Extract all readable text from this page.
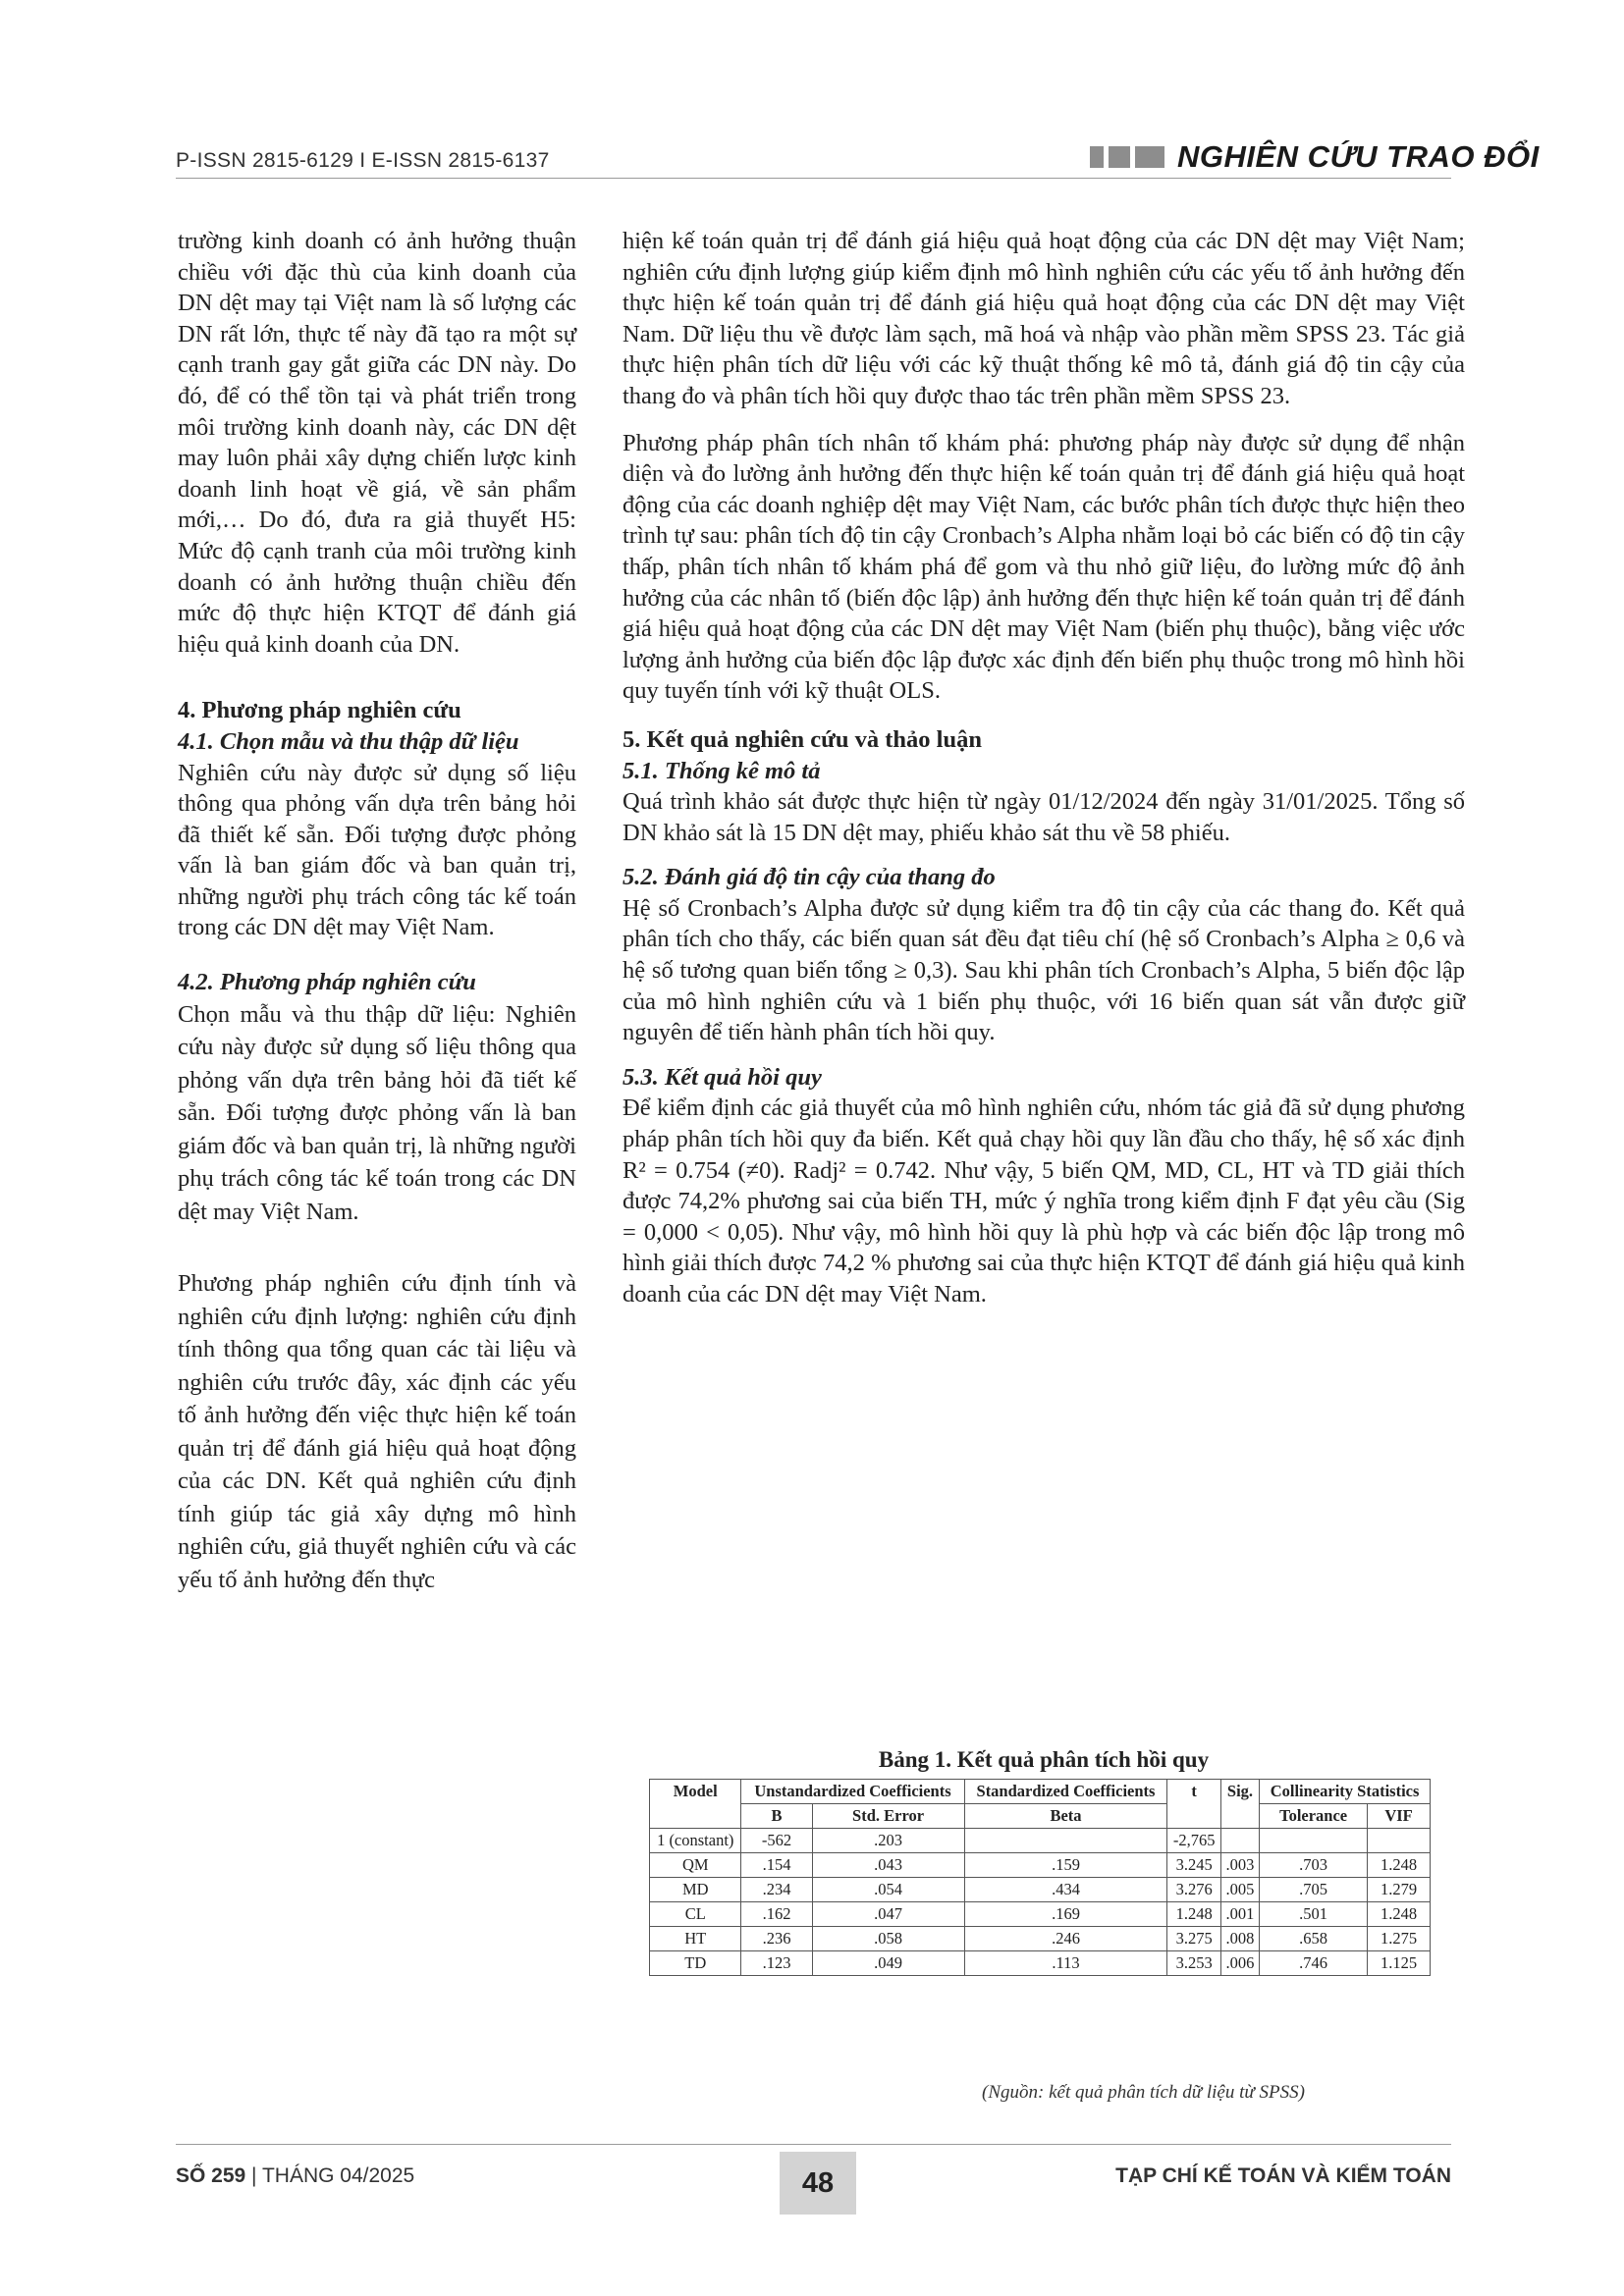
P-ISSN 2815-6129 I E-ISSN 2815-6137	NGHIÊN CỨU TRAO ĐỔI

trường kinh doanh có ảnh hưởng thuận chiều với đặc thù của kinh doanh của DN dệt may tại Việt nam là số lượng các DN rất lớn, thực tế này đã tạo ra một sự cạnh tranh gay gắt giữa các DN này. Do đó, để có thể tồn tại và phát triển trong môi trường kinh doanh này, các DN dệt may luôn phải xây dựng chiến lược kinh doanh linh hoạt về giá, về sản phẩm mới,… Do đó, đưa ra giả thuyết H5: Mức độ cạnh tranh của môi trường kinh doanh có ảnh hưởng thuận chiều đến mức độ thực hiện KTQT để đánh giá hiệu quả kinh doanh của DN.

4. Phương pháp nghiên cứu

4.1. Chọn mẫu và thu thập dữ liệu

Nghiên cứu này được sử dụng số liệu thông qua phỏng vấn dựa trên bảng hỏi đã thiết kế sẵn. Đối tượng được phỏng vấn là ban giám đốc và ban quản trị, những người phụ trách công tác kế toán trong các DN dệt may Việt Nam.

4.2. Phương pháp nghiên cứu

Chọn mẫu và thu thập dữ liệu: Nghiên cứu này được sử dụng số liệu thông qua phỏng vấn dựa trên bảng hỏi đã tiết kế sẵn. Đối tượng được phỏng vấn là ban giám đốc và ban quản trị, là những người phụ trách công tác kế toán trong các DN dệt may Việt Nam.

Phương pháp nghiên cứu định tính và nghiên cứu định lượng: nghiên cứu định tính thông qua tổng quan các tài liệu và nghiên cứu trước đây, xác định các yếu tố ảnh hưởng đến việc thực hiện kế toán quản trị để đánh giá hiệu quả hoạt động của các DN. Kết quả nghiên cứu định tính giúp tác giả xây dựng mô hình nghiên cứu, giả thuyết nghiên cứu và các yếu tố ảnh hưởng đến thực

hiện kế toán quản trị để đánh giá hiệu quả hoạt động của các DN dệt may Việt Nam; nghiên cứu định lượng giúp kiểm định mô hình nghiên cứu các yếu tố ảnh hưởng đến thực hiện kế toán quản trị để đánh giá hiệu quả hoạt động của các DN dệt may Việt Nam. Dữ liệu thu về được làm sạch, mã hoá và nhập vào phần mềm SPSS 23. Tác giả thực hiện phân tích dữ liệu với các kỹ thuật thống kê mô tả, đánh giá độ tin cậy của thang đo và phân tích hồi quy được thao tác trên phần mềm SPSS 23.

Phương pháp phân tích nhân tố khám phá: phương pháp này được sử dụng để nhận diện và đo lường ảnh hưởng đến thực hiện kế toán quản trị để đánh giá hiệu quả hoạt động của các doanh nghiệp dệt may Việt Nam, các bước phân tích được thực hiện theo trình tự sau: phân tích độ tin cậy Cronbach’s Alpha nhằm loại bỏ các biến có độ tin cậy thấp, phân tích nhân tố khám phá để gom và thu nhỏ giữ liệu, đo lường mức độ ảnh hưởng của các nhân tố (biến độc lập) ảnh hưởng đến thực hiện kế toán quản trị để đánh giá hiệu quả hoạt động của các DN dệt may Việt Nam (biến phụ thuộc), bằng việc ước lượng ảnh hưởng của biến độc lập được xác định đến biến phụ thuộc trong mô hình hồi quy tuyến tính với kỹ thuật OLS.

5. Kết quả nghiên cứu và thảo luận

5.1. Thống kê mô tả

Quá trình khảo sát được thực hiện từ ngày 01/12/2024 đến ngày 31/01/2025. Tổng số DN khảo sát là 15 DN dệt may, phiếu khảo sát thu về 58 phiếu.

5.2. Đánh giá độ tin cậy của thang đo

Hệ số Cronbach’s Alpha được sử dụng kiểm tra độ tin cậy của các thang đo. Kết quả phân tích cho thấy, các biến quan sát đều đạt tiêu chí (hệ số Cronbach’s Alpha ≥ 0,6 và hệ số tương quan biến tổng ≥ 0,3). Sau khi phân tích Cronbach’s Alpha, 5 biến độc lập của mô hình nghiên cứu và 1 biến phụ thuộc, với 16 biến quan sát vẫn được giữ nguyên để tiến hành phân tích hồi quy.

5.3. Kết quả hồi quy

Để kiểm định các giả thuyết của mô hình nghiên cứu, nhóm tác giả đã sử dụng phương pháp phân tích hồi quy đa biến. Kết quả chạy hồi quy lần đầu cho thấy, hệ số xác định R² = 0.754 (≠0). Radj² = 0.742. Như vậy, 5 biến QM, MD, CL, HT và TD giải thích được 74,2% phương sai của biến TH, mức ý nghĩa trong kiểm định F đạt yêu cầu (Sig = 0,000 < 0,05). Như vậy, mô hình hồi quy là phù hợp và các biến độc lập trong mô hình giải thích được 74,2 % phương sai của thực hiện KTQT để đánh giá hiệu quả kinh doanh của các DN dệt may Việt Nam.

Bảng 1. Kết quả phân tích hồi quy
Model	Unstandardized Coefficients		Standardized Coefficients	t	Sig.	Collinearity Statistics	
	B	Std. Error	Beta			Tolerance	VIF
1 (constant)	-562	.203		-2,765			
QM	.154	.043	.159	3.245	.003	.703	1.248
MD	.234	.054	.434	3.276	.005	.705	1.279
CL	.162	.047	.169	1.248	.001	.501	1.248
HT	.236	.058	.246	3.275	.008	.658	1.275
TD	.123	.049	.113	3.253	.006	.746	1.125
(Nguồn: kết quả phân tích dữ liệu từ SPSS)
SỐ 259 | THÁNG 04/2025	48	TẠP CHÍ KẾ TOÁN VÀ KIỂM TOÁN
